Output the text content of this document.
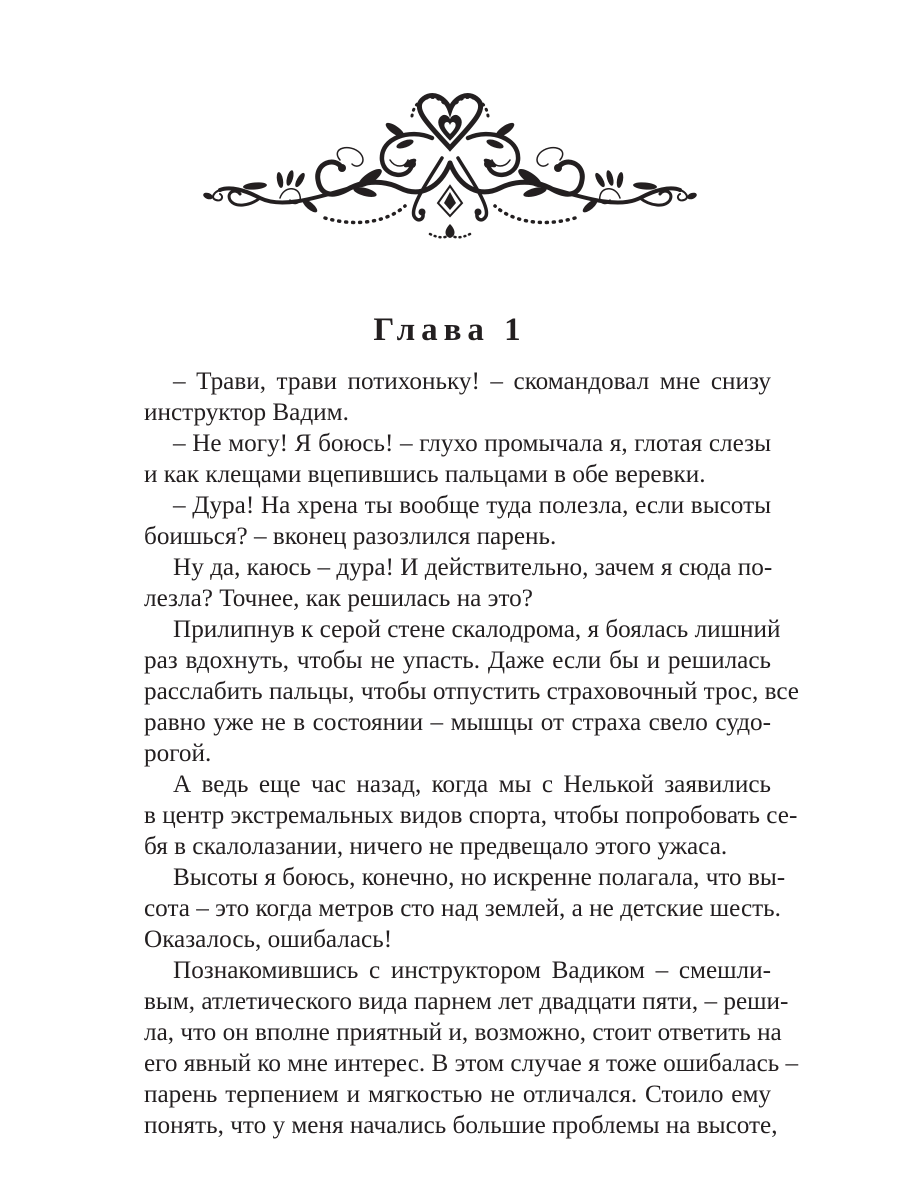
Глава 1
– Трави, трави потихоньку! – скомандовал мне снизу
инструктор Вадим.
– Не могу! Я боюсь! – глухо промычала я, глотая слезы
и как клещами вцепившись пальцами в обе веревки.
– Дура! На хрена ты вообще туда полезла, если высоты
боишься? – вконец разозлился парень.
Ну да, каюсь – дура! И действительно, зачем я сюда по-
лезла? Точнее, как решилась на это?
Прилипнув к серой стене скалодрома, я боялась лишний
раз вдохнуть, чтобы не упасть. Даже если бы и решилась
расслабить пальцы, чтобы отпустить страховочный трос, все
равно уже не в состоянии – мышцы от страха свело судо-
рогой.
А ведь еще час назад, когда мы с Нелькой заявились
в центр экстремальных видов спорта, чтобы попробовать се-
бя в скалолазании, ничего не предвещало этого ужаса.
Высоты я боюсь, конечно, но искренне полагала, что вы-
сота – это когда метров сто над землей, а не детские шесть.
Оказалось, ошибалась!
Познакомившись с инструктором Вадиком – смешли-
вым, атлетического вида парнем лет двадцати пяти, – реши-
ла, что он вполне приятный и, возможно, стоит ответить на
его явный ко мне интерес. В этом случае я тоже ошибалась –
парень терпением и мягкостью не отличался. Стоило ему
понять, что у меня начались большие проблемы на высоте,
